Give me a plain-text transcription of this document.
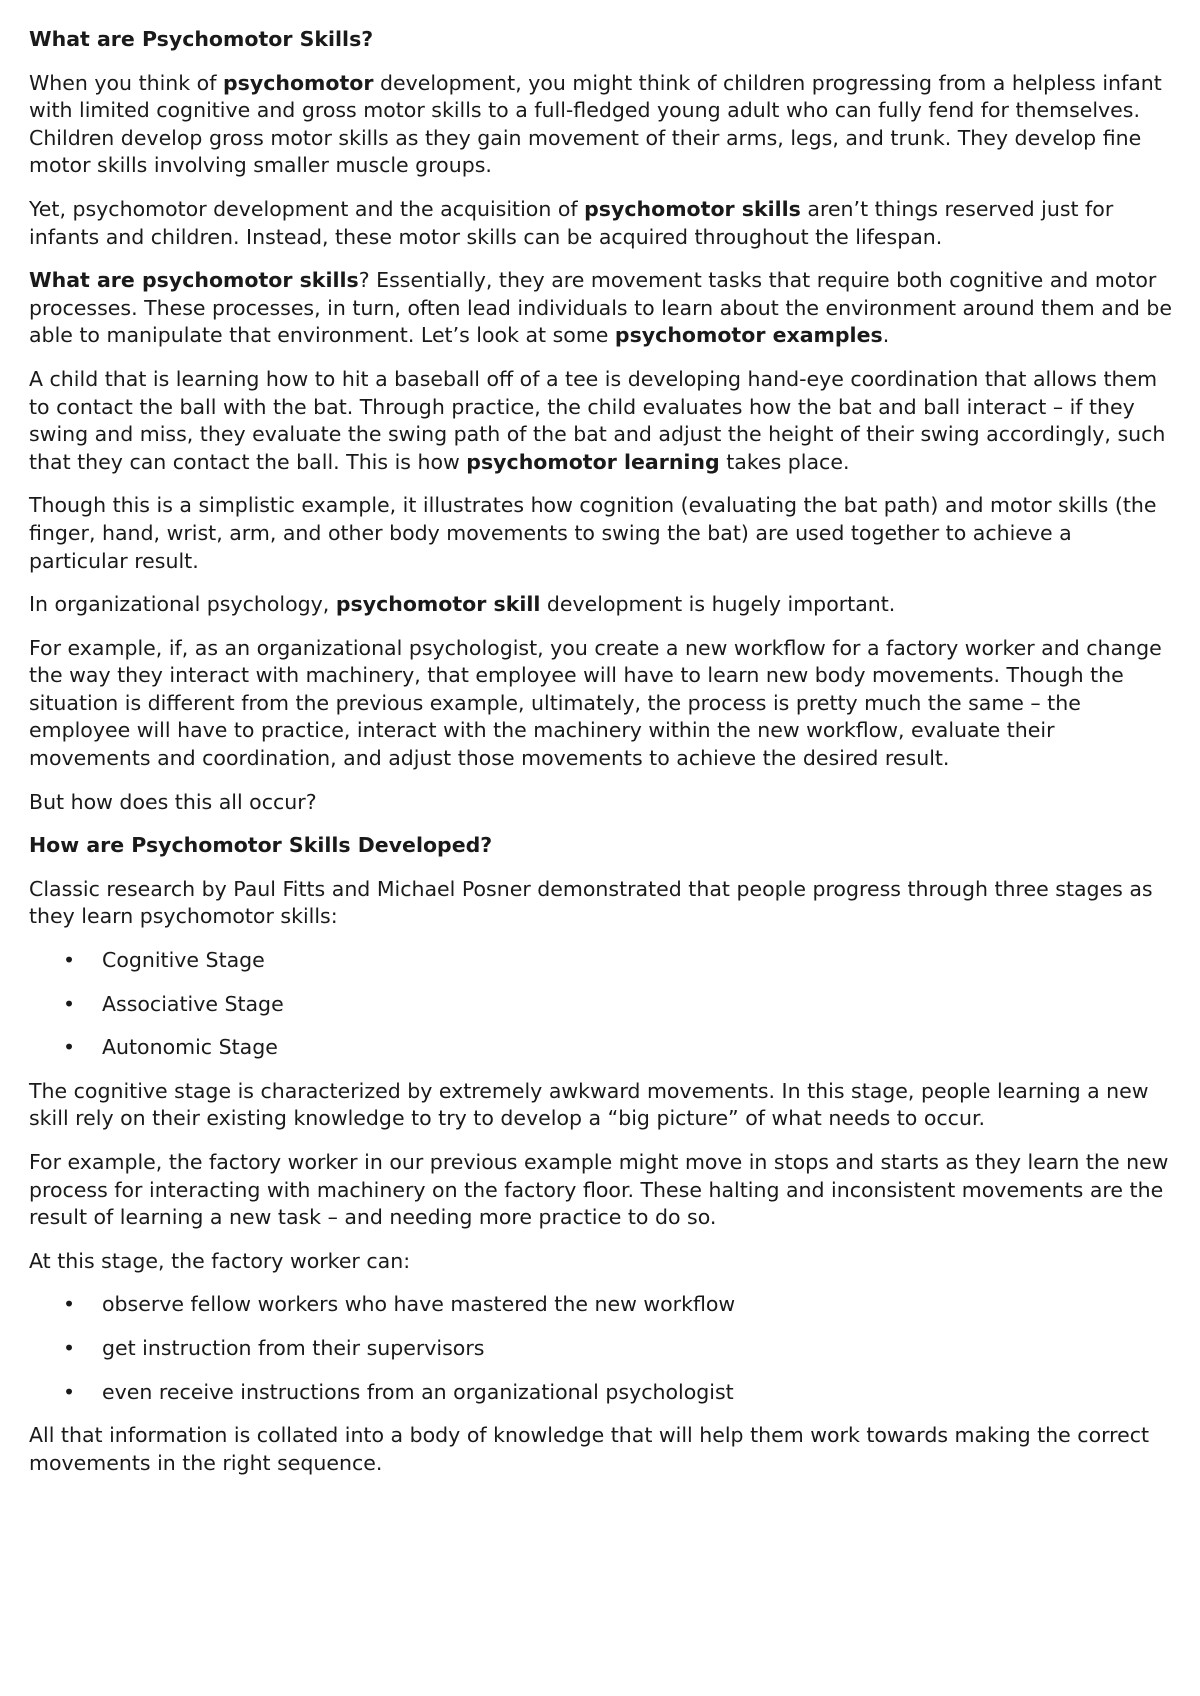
What are Psychomotor Skills?

When you think of psychomotor development, you might think of children progressing from a helpless infant with limited cognitive and gross motor skills to a full-fledged young adult who can fully fend for themselves. Children develop gross motor skills as they gain movement of their arms, legs, and trunk. They develop fine motor skills involving smaller muscle groups.

Yet, psychomotor development and the acquisition of psychomotor skills aren’t things reserved just for infants and children. Instead, these motor skills can be acquired throughout the lifespan.

What are psychomotor skills? Essentially, they are movement tasks that require both cognitive and motor processes. These processes, in turn, often lead individuals to learn about the environment around them and be able to manipulate that environment. Let’s look at some psychomotor examples.

A child that is learning how to hit a baseball off of a tee is developing hand-eye coordination that allows them to contact the ball with the bat. Through practice, the child evaluates how the bat and ball interact – if they swing and miss, they evaluate the swing path of the bat and adjust the height of their swing accordingly, such that they can contact the ball. This is how psychomotor learning takes place.

Though this is a simplistic example, it illustrates how cognition (evaluating the bat path) and motor skills (the finger, hand, wrist, arm, and other body movements to swing the bat) are used together to achieve a particular result.

In organizational psychology, psychomotor skill development is hugely important.

For example, if, as an organizational psychologist, you create a new workflow for a factory worker and change the way they interact with machinery, that employee will have to learn new body movements. Though the situation is different from the previous example, ultimately, the process is pretty much the same – the employee will have to practice, interact with the machinery within the new workflow, evaluate their movements and coordination, and adjust those movements to achieve the desired result.

But how does this all occur?

How are Psychomotor Skills Developed?

Classic research by Paul Fitts and Michael Posner demonstrated that people progress through three stages as they learn psychomotor skills:

• Cognitive Stage
• Associative Stage
• Autonomic Stage

The cognitive stage is characterized by extremely awkward movements. In this stage, people learning a new skill rely on their existing knowledge to try to develop a “big picture” of what needs to occur.

For example, the factory worker in our previous example might move in stops and starts as they learn the new process for interacting with machinery on the factory floor. These halting and inconsistent movements are the result of learning a new task – and needing more practice to do so.

At this stage, the factory worker can:

• observe fellow workers who have mastered the new workflow
• get instruction from their supervisors
• even receive instructions from an organizational psychologist

All that information is collated into a body of knowledge that will help them work towards making the correct movements in the right sequence.
